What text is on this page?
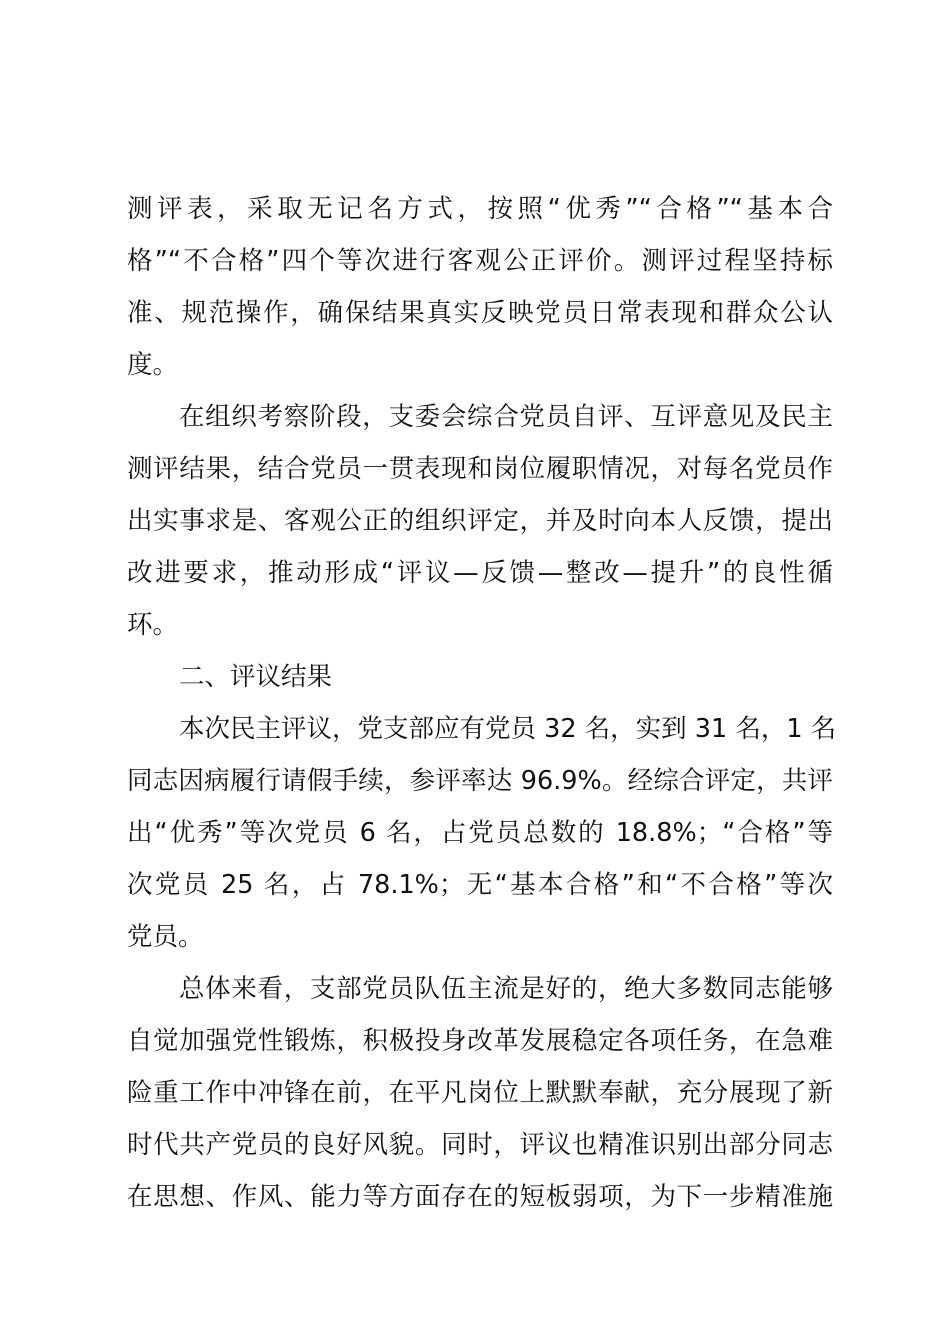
测评表，采取无记名方式，按照“优秀”“合格”“基本合
格”“不合格”四个等次进行客观公正评价。测评过程坚持标
准、规范操作，确保结果真实反映党员日常表现和群众公认
度。
在组织考察阶段，支委会综合党员自评、互评意见及民主
测评结果，结合党员一贯表现和岗位履职情况，对每名党员作
出实事求是、客观公正的组织评定，并及时向本人反馈，提出
改进要求，推动形成“评议—反馈—整改—提升”的良性循
环。
二、评议结果
本次民主评议，党支部应有党员 32 名，实到 31 名，1 名
同志因病履行请假手续，参评率达 96.9%。经综合评定，共评
出“优秀”等次党员 6 名，占党员总数的 18.8%；“合格”等
次党员 25 名，占 78.1%；无“基本合格”和“不合格”等次
党员。
总体来看，支部党员队伍主流是好的，绝大多数同志能够
自觉加强党性锻炼，积极投身改革发展稳定各项任务，在急难
险重工作中冲锋在前，在平凡岗位上默默奉献，充分展现了新
时代共产党员的良好风貌。同时，评议也精准识别出部分同志
在思想、作风、能力等方面存在的短板弱项，为下一步精准施
